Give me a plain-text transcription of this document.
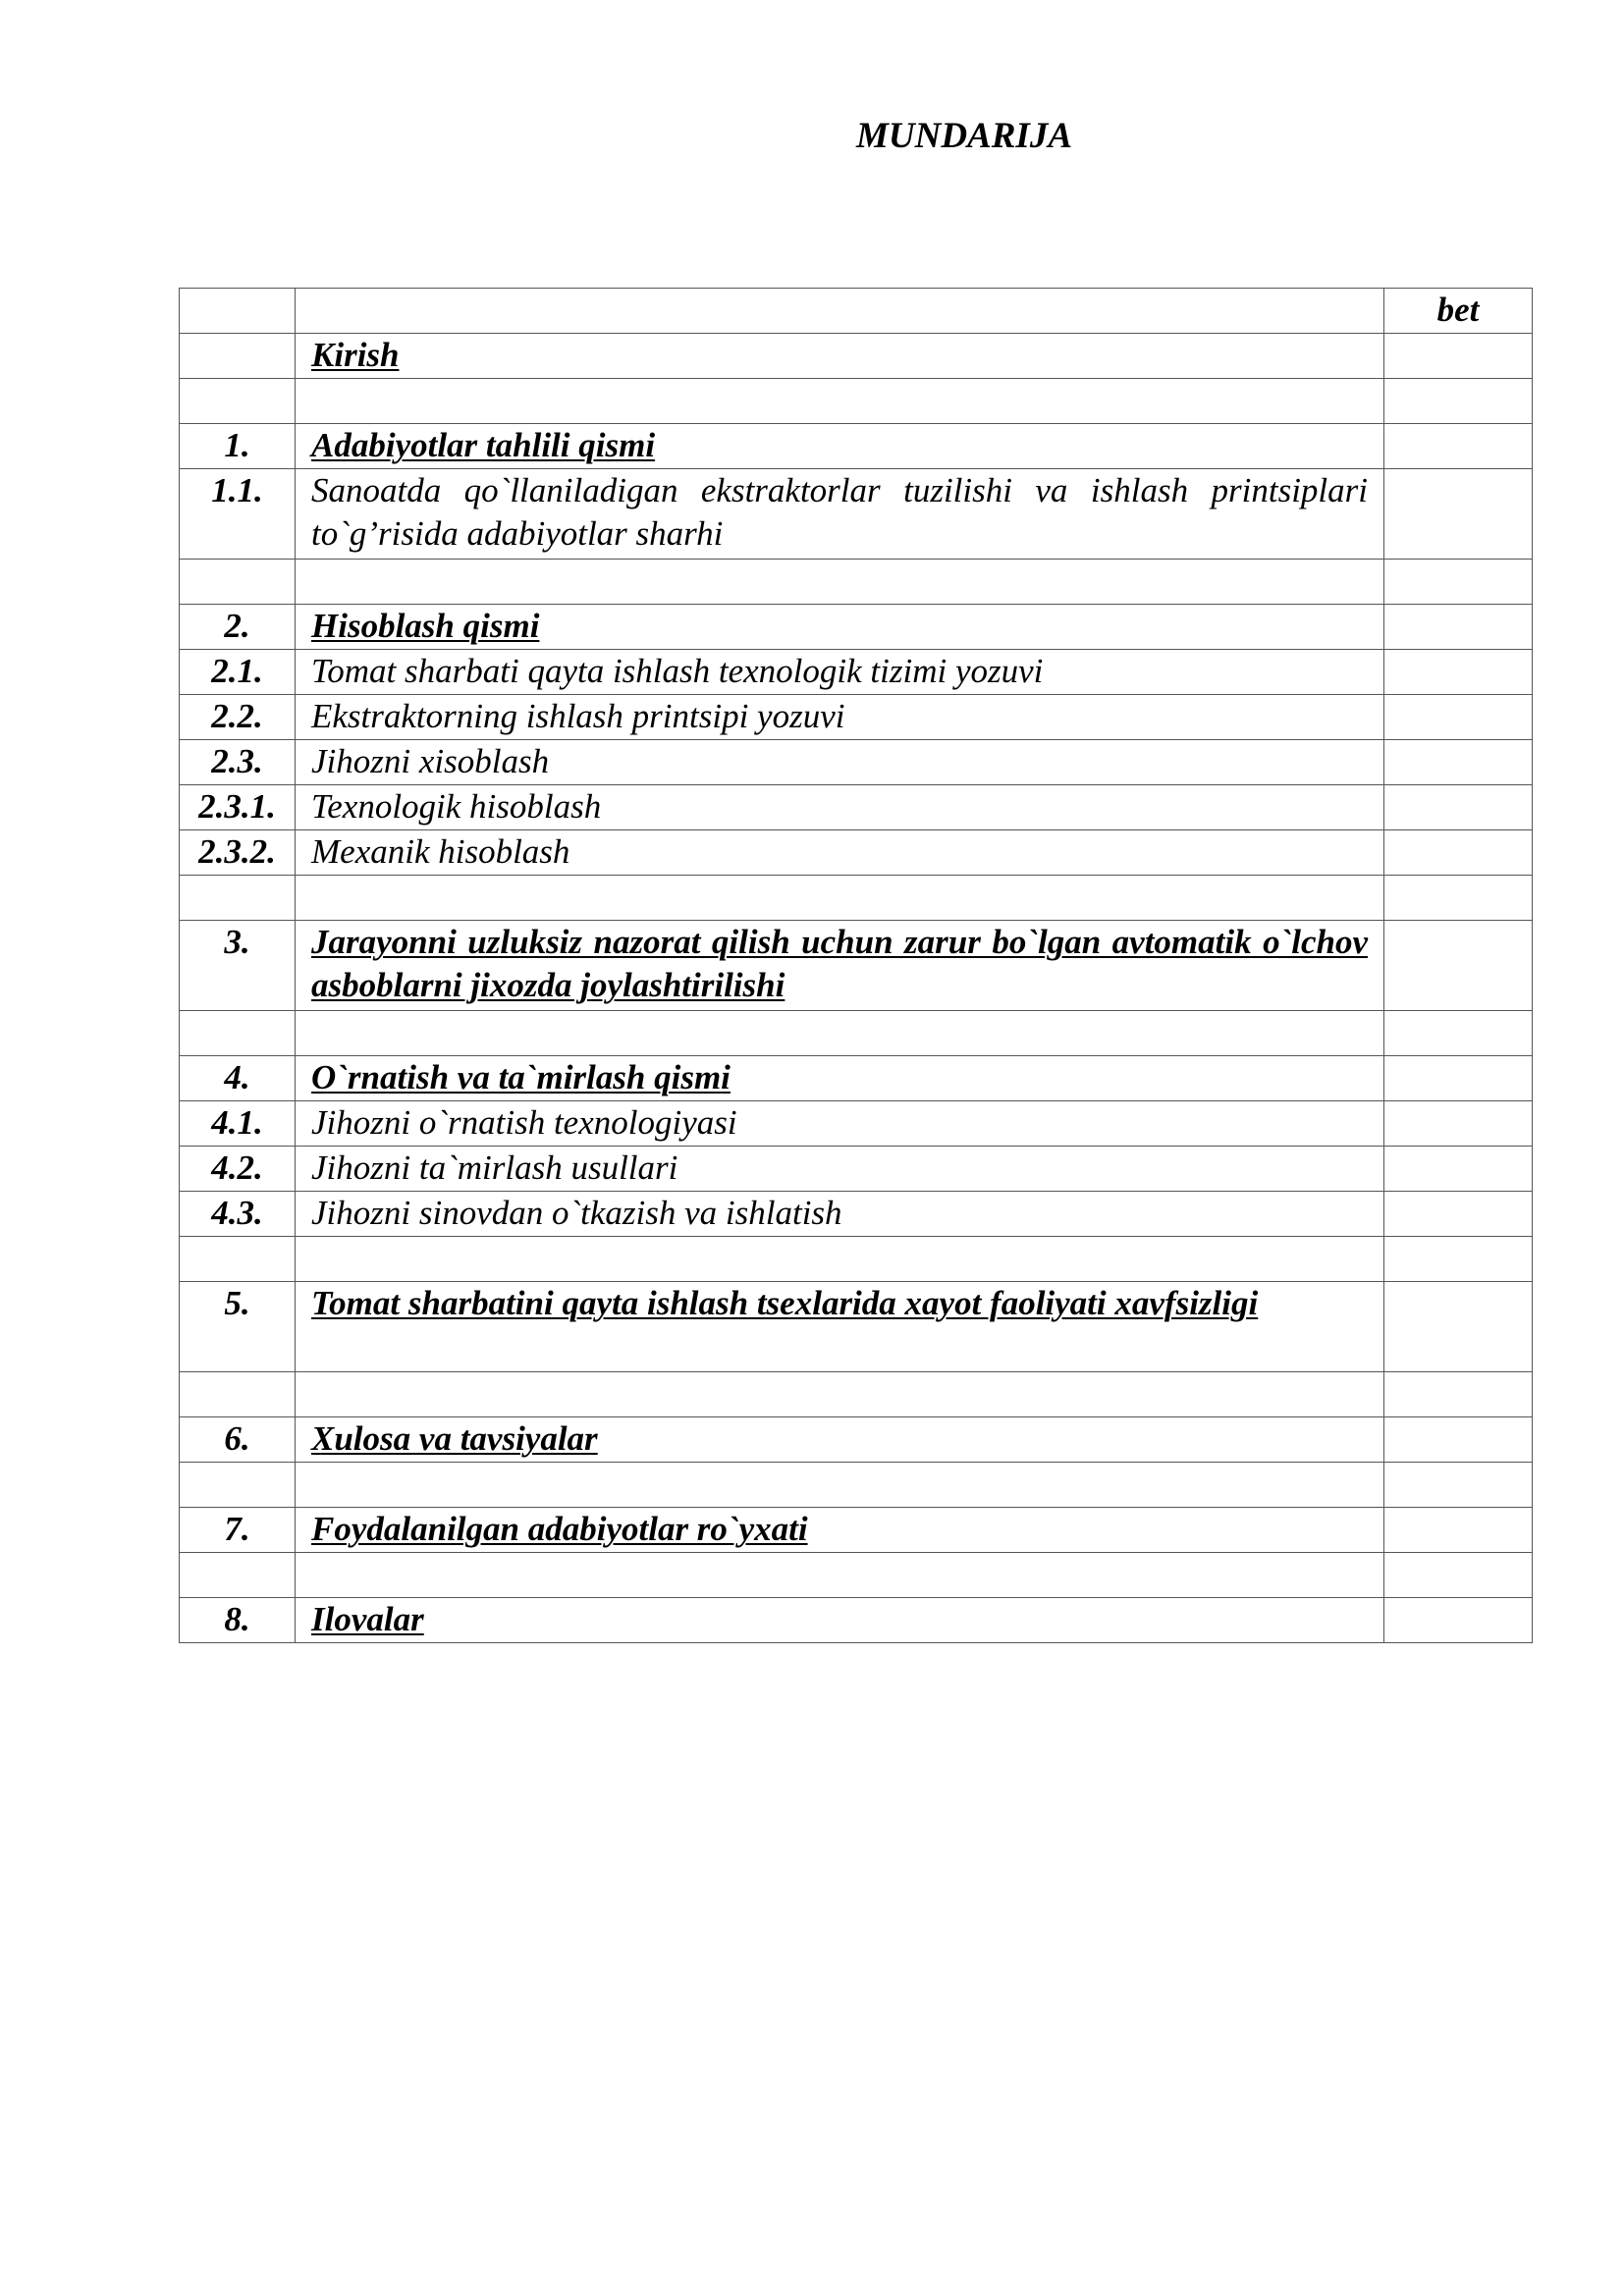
MUNDARIJA
		bet
	Kirish	

1.	Adabiyotlar tahlili qismi	
1.1.	Sanoatda qo`llaniladigan ekstraktorlar tuzilishi va ishlash printsiplari to`g’risida adabiyotlar sharhi	

2.	Hisoblash qismi	
2.1.	Tomat sharbati qayta ishlash texnologik tizimi yozuvi	
2.2.	Ekstraktorning ishlash printsipi yozuvi	
2.3.	Jihozni xisoblash	
2.3.1.	Texnologik hisoblash	
2.3.2.	Mexanik hisoblash	

3.	Jarayonni uzluksiz nazorat qilish uchun zarur bo`lgan avtomatik o`lchov asboblarni jixozda joylashtirilishi	

4.	O`rnatish va ta`mirlash qismi	
4.1.	Jihozni o`rnatish texnologiyasi	
4.2.	Jihozni ta`mirlash usullari	
4.3.	Jihozni sinovdan o`tkazish va ishlatish	

5.	Tomat sharbatini qayta ishlash tsexlarida xayot faoliyati xavfsizligi	

6.	Xulosa va tavsiyalar	

7.	Foydalanilgan adabiyotlar ro`yxati	

8.	Ilovalar	
